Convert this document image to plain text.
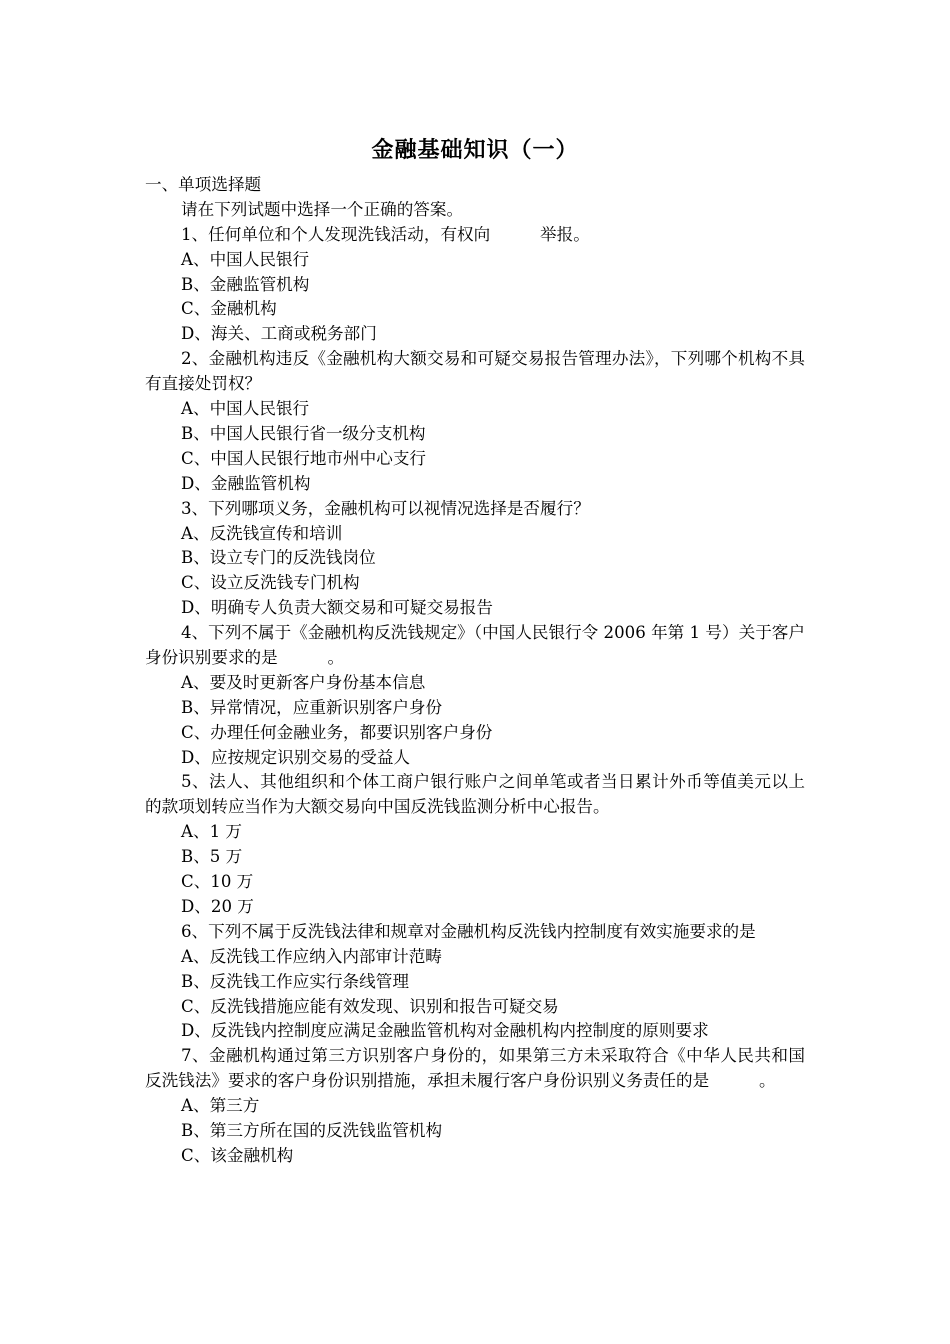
金融基础知识（一）

一、单项选择题

请在下列试题中选择一个正确的答案。

1、任何单位和个人发现洗钱活动，有权向　　　举报。

A、中国人民银行

B、金融监管机构

C、金融机构

D、海关、工商或税务部门

2、金融机构违反《金融机构大额交易和可疑交易报告管理办法》，下列哪个机构不具有直接处罚权？

A、中国人民银行

B、中国人民银行省一级分支机构

C、中国人民银行地市州中心支行

D、金融监管机构

3、下列哪项义务，金融机构可以视情况选择是否履行？

A、反洗钱宣传和培训

B、设立专门的反洗钱岗位

C、设立反洗钱专门机构

D、明确专人负责大额交易和可疑交易报告

4、下列不属于《金融机构反洗钱规定》（中国人民银行令 2006 年第 1 号）关于客户身份识别要求的是　　　。

A、要及时更新客户身份基本信息

B、异常情况，应重新识别客户身份

C、办理任何金融业务，都要识别客户身份

D、应按规定识别交易的受益人

5、法人、其他组织和个体工商户银行账户之间单笔或者当日累计外币等值美元以上的款项划转应当作为大额交易向中国反洗钱监测分析中心报告。

A、1 万

B、5 万

C、10 万

D、20 万

6、下列不属于反洗钱法律和规章对金融机构反洗钱内控制度有效实施要求的是

A、反洗钱工作应纳入内部审计范畴

B、反洗钱工作应实行条线管理

C、反洗钱措施应能有效发现、识别和报告可疑交易

D、反洗钱内控制度应满足金融监管机构对金融机构内控制度的原则要求

7、金融机构通过第三方识别客户身份的，如果第三方未采取符合《中华人民共和国反洗钱法》要求的客户身份识别措施，承担未履行客户身份识别义务责任的是　　　。

A、第三方

B、第三方所在国的反洗钱监管机构

C、该金融机构
